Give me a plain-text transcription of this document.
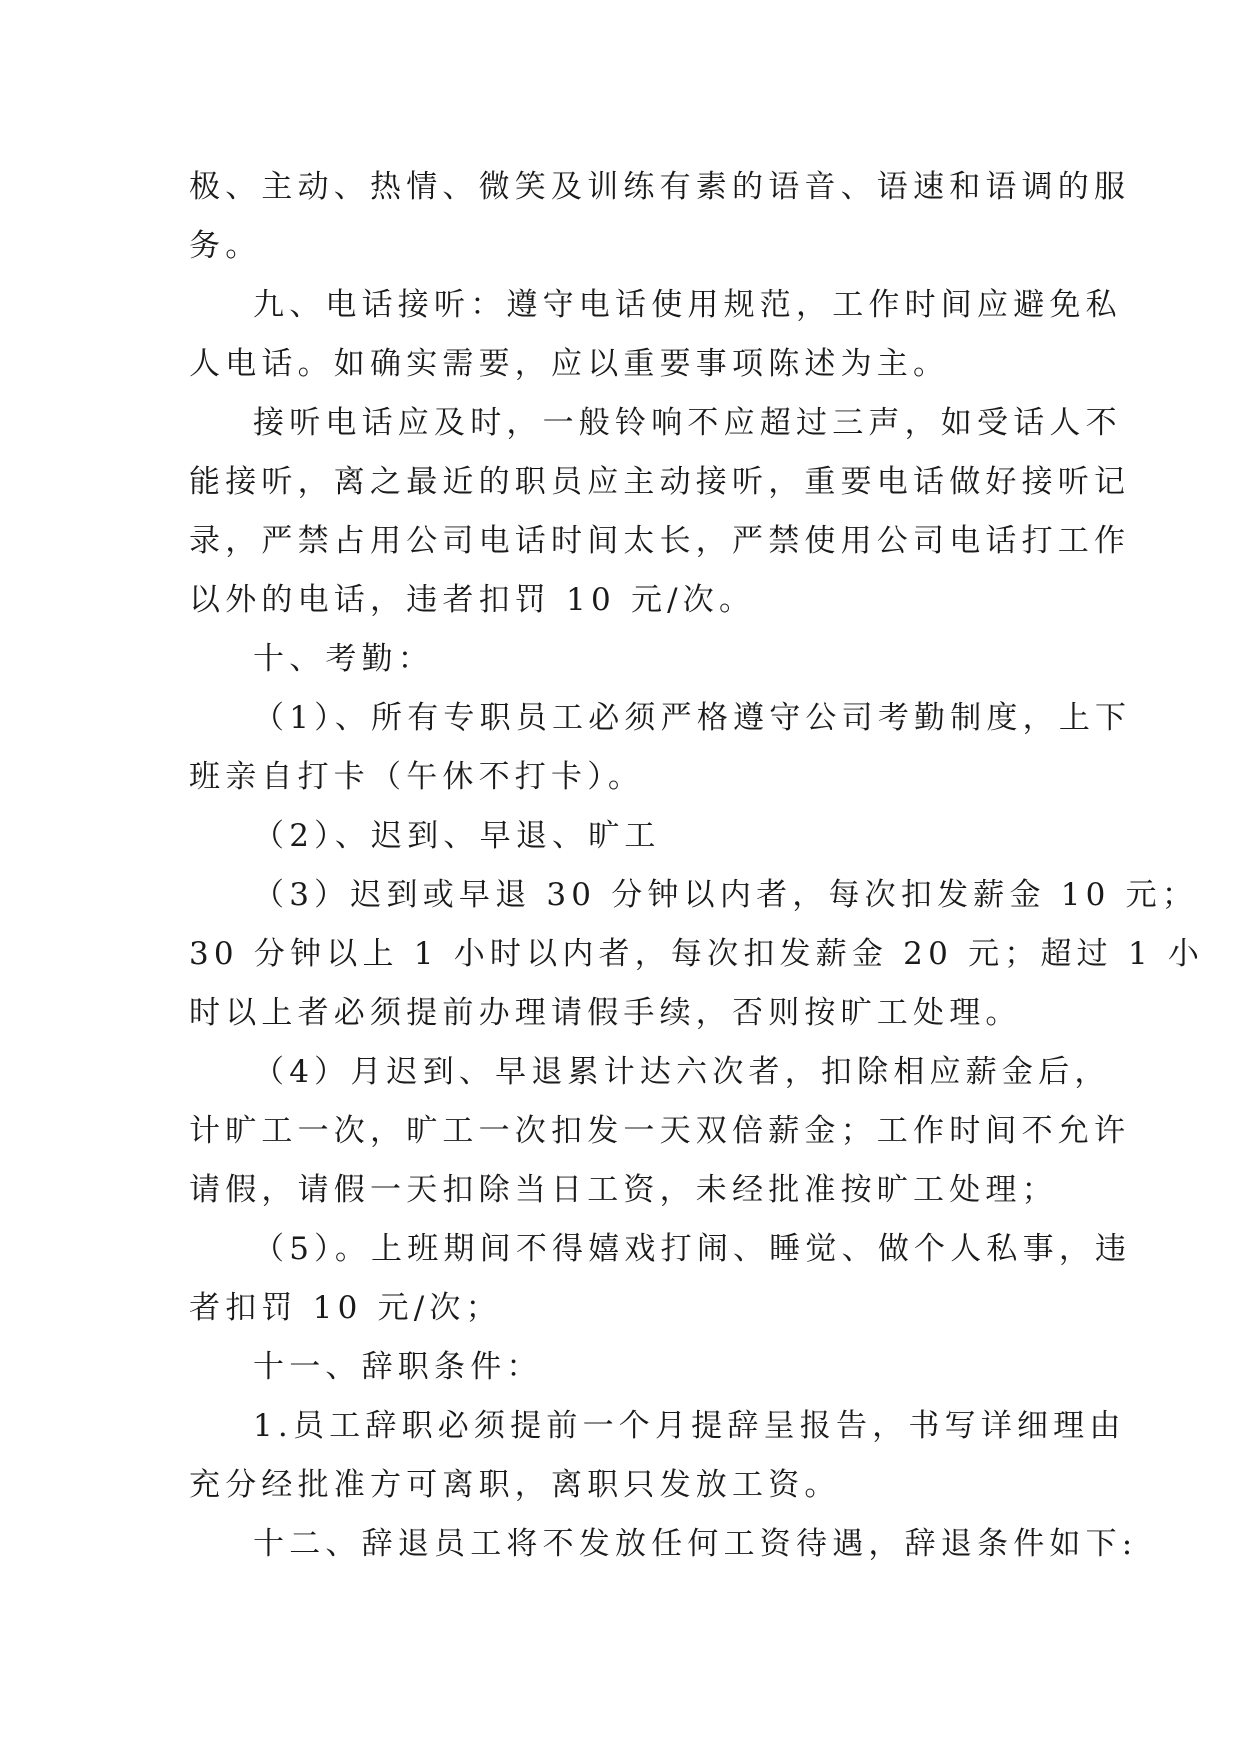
极、主动、热情、微笑及训练有素的语音、语速和语调的服
务。
九、电话接听：遵守电话使用规范，工作时间应避免私
人电话。如确实需要，应以重要事项陈述为主。
接听电话应及时，一般铃响不应超过三声，如受话人不
能接听，离之最近的职员应主动接听，重要电话做好接听记
录，严禁占用公司电话时间太长，严禁使用公司电话打工作
以外的电话，违者扣罚 10 元/次。
十、考勤：
（1）、所有专职员工必须严格遵守公司考勤制度，上下
班亲自打卡（午休不打卡）。
（2）、迟到、早退、旷工
（3）迟到或早退 30 分钟以内者，每次扣发薪金 10 元；
30 分钟以上 1 小时以内者，每次扣发薪金 20 元；超过 1 小
时以上者必须提前办理请假手续，否则按旷工处理。
（4）月迟到、早退累计达六次者，扣除相应薪金后，
计旷工一次，旷工一次扣发一天双倍薪金；工作时间不允许
请假，请假一天扣除当日工资，未经批准按旷工处理；
（5）。上班期间不得嬉戏打闹、睡觉、做个人私事，违
者扣罚 10 元/次；
十一、辞职条件：
1.员工辞职必须提前一个月提辞呈报告，书写详细理由
充分经批准方可离职，离职只发放工资。
十二、辞退员工将不发放任何工资待遇，辞退条件如下:
